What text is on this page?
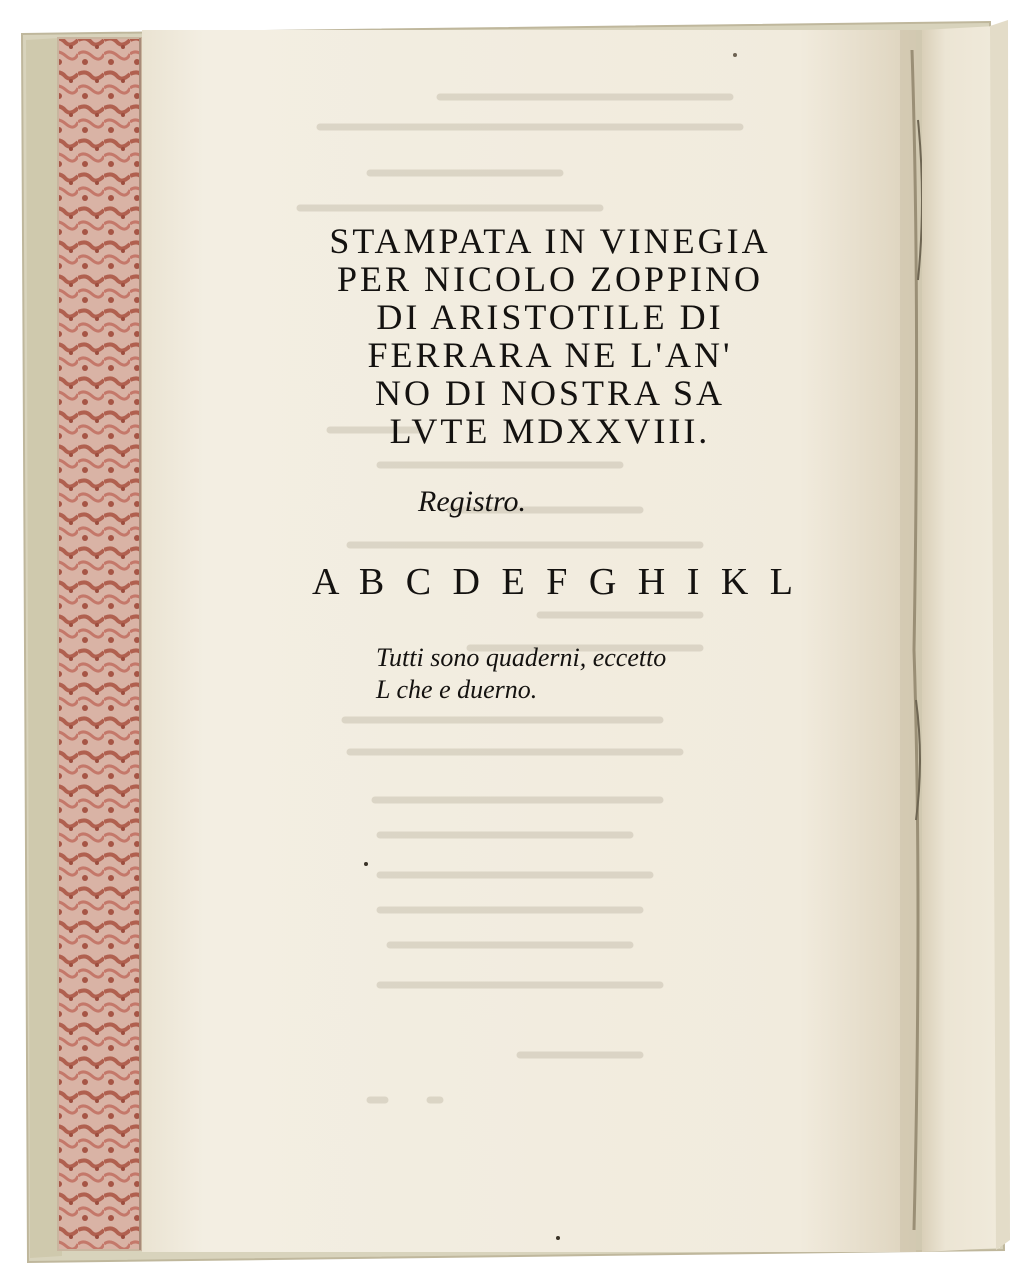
STAMPATA IN VINEGIA
PER NICOLO ZOPPINO
DI ARISTOTILE DI
FERRARA NE L'AN'
NO DI NOSTRA SA
LVTE MDXXVIII.
Registro.
A B C D E F G H I K L
Tutti sono quaderni, eccetto
L che e duerno.
